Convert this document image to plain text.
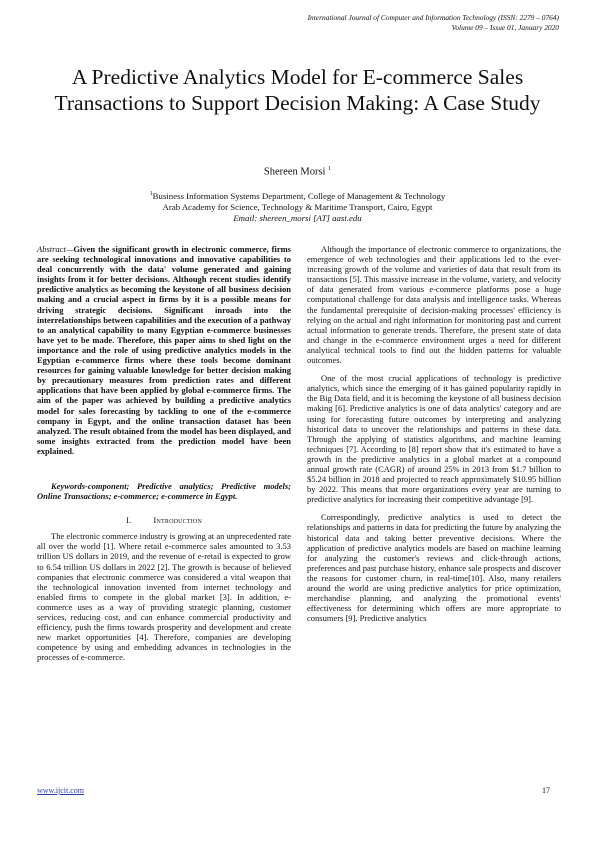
International Journal of Computer and Information Technology (ISSN: 2279 – 0764)
Volume 09 – Issue 01, January 2020
A Predictive Analytics Model for E-commerce Sales Transactions to Support Decision Making: A Case Study
Shereen Morsi $^1$
$^1$Business Information Systems Department, College of Management & Technology
Arab Academy for Science, Technology & Maritime Transport, Cairo, Egypt
Email: shereen_morsi [AT] aast.edu

Abstract—Given the significant growth in electronic commerce, firms are seeking technological innovations and innovative capabilities to deal concurrently with the data' volume generated and gaining insights from it for better decisions. Although recent studies identify predictive analytics as becoming the keystone of all business decision making and a crucial aspect in firms by it is a possible means for driving strategic decisions. Significant inroads into the interrelationships between capabilities and the execution of a pathway to an analytical capability to many Egyptian e-commerce businesses have yet to be made. Therefore, this paper aims to shed light on the importance and the role of using predictive analytics models in the Egyptian e-commerce firms where these tools become dominant resources for gaining valuable knowledge for better decision making by precautionary measures from prediction rates and different applications that have been applied by global e-commerce firms. The aim of the paper was achieved by building a predictive analytics model for sales forecasting by tackling to one of the e-commerce company in Egypt, and the online transaction dataset has been analyzed. The result obtained from the model has been displayed, and some insights extracted from the prediction model have been explained.

Keywords-component; Predictive analytics; Predictive models; Online Transactions; e-commerce; e-commerce in Egypt.

I.	Introduction

The electronic commerce industry is growing at an unprecedented rate all over the world [1]. Where retail e-commerce sales amounted to 3.53 trillion US dollars in 2019, and the revenue of e-retail is expected to grow to 6.54 trillion US dollars in 2022 [2]. The growth is because of believed companies that electronic commerce was considered a vital weapon that the technological innovation invented from internet technology and enabled firms to compete in the global market [3]. In addition, e-commerce uses as a way of providing strategic planning, customer services, reducing cost, and can enhance commercial productivity and efficiency, push the firms towards prosperity and development and create new market opportunities [4]. Therefore, companies are developing competence by using and embedding advances in technologies in the processes of e-commerce.

Although the importance of electronic commerce to organizations, the emergence of web technologies and their applications led to the ever-increasing growth of the volume and varieties of data that result from its transactions [5]. This massive increase in the volume, variety, and velocity of data generated from various e-commerce platforms pose a huge computational challenge for data analysis and intelligence tasks. Whereas the fundamental prerequisite of decision-making processes' efficiency is relying on the actual and right information for monitoring past and current actual information to generate trends. Therefore, the present state of data and change in the e-commerce environment urges a need for different analytical technical tools to find out the hidden patterns for valuable outcomes.

One of the most crucial applications of technology is predictive analytics, which since the emerging of it has gained popularity rapidly in the Big Data field, and it is becoming the keystone of all business decision making [6]. Predictive analytics is one of data analytics' category and are using for forecasting future outcomes by interpreting and analyzing historical data to uncover the relationships and patterns in these data. Through the applying of statistics algorithms, and machine learning techniques [7]. According to [8] report show that it's estimated to have a growth in the predictive analytics in a global market at a compound annual growth rate (CAGR) of around 25% in 2013 from $1.7 billion to $5.24 billion in 2018 and projected to reach approximately $10.95 billion by 2022. This means that more organizations every year are turning to predictive analytics for increasing their competitive advantage [9].

Correspondingly, predictive analytics is used to detect the relationships and patterns in data for predicting the future by analyzing the historical data and taking better preventive decisions. Where the application of predictive analytics models are based on machine learning for analyzing the customer's reviews and click-through actions, preferences and past purchase history, enhance sale prospects and discover the reasons for customer churn, in real-time[10]. Also, many retailers around the world are using predictive analytics for price optimization, merchandise planning, and analyzing the promotional events' effectiveness for determining which offers are more appropriate to consumers [9]. Predictive analytics

www.ijcit.com	17
